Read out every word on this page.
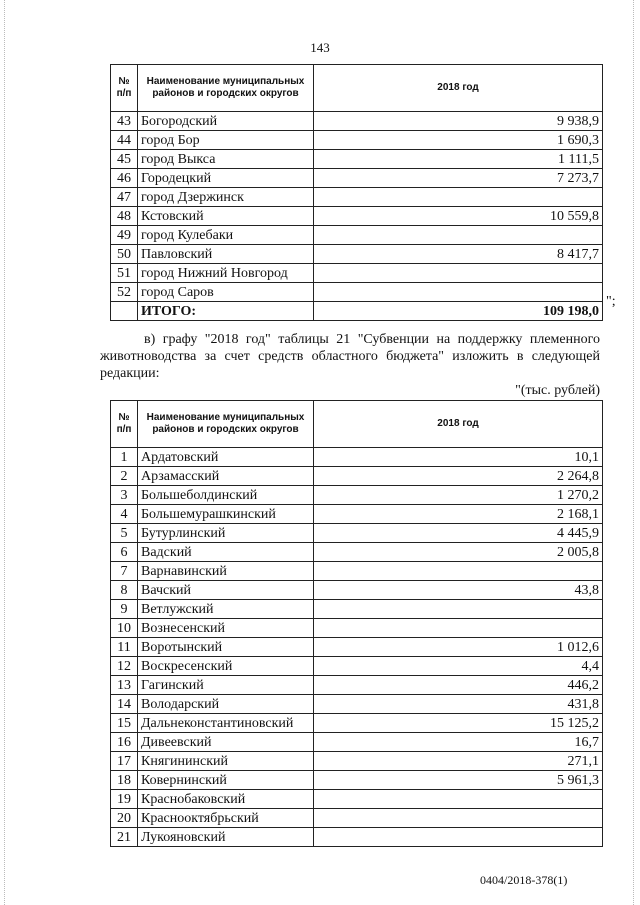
143
№ п/п	Наименование муниципальных районов и городских округов	2018 год
43	Богородский	9 938,9
44	город Бор	1 690,3
45	город Выкса	1 111,5
46	Городецкий	7 273,7
47	город Дзержинск	
48	Кстовский	10 559,8
49	город Кулебаки	
50	Павловский	8 417,7
51	город Нижний Новгород	
52	город Саров	
	ИТОГО:	109 198,0
";
в) графу "2018 год" таблицы 21 "Субвенции на поддержку племенного животноводства за счет средств областного бюджета" изложить в следующей редакции:
"(тыс. рублей)
№ п/п	Наименование муниципальных районов и городских округов	2018 год
1	Ардатовский	10,1
2	Арзамасский	2 264,8
3	Большеболдинский	1 270,2
4	Большемурашкинский	2 168,1
5	Бутурлинский	4 445,9
6	Вадский	2 005,8
7	Варнавинский	
8	Вачский	43,8
9	Ветлужский	
10	Вознесенский	
11	Воротынский	1 012,6
12	Воскресенский	4,4
13	Гагинский	446,2
14	Володарский	431,8
15	Дальнеконстантиновский	15 125,2
16	Дивеевский	16,7
17	Княгининский	271,1
18	Ковернинский	5 961,3
19	Краснобаковский	
20	Краснооктябрьский	
21	Лукояновский	
0404/2018-378(1)
